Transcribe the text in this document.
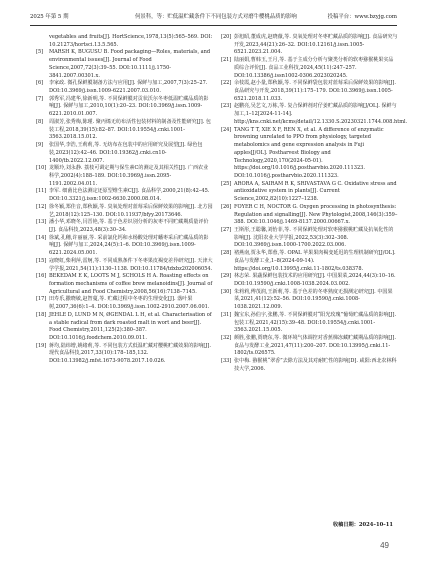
2025 年第 5 期	何景科，等：贮低温贮藏条件下不同包装方式对磨牛樱桃品质的影响	投稿平台：www.bzyjg.com
vegetables and fruits[J]. HortScience,1978,13(5):565–569. DOI: 10.21273/hortsci.13.5.565.
[5] MARSH K, BUGUSU B. Food packaging—Roles, materials, and environmental issues[J]. Journal of Food Science,2007,72(3):39–55. DOI:10.1111/j.1750-3841.2007.00301.x.
[6] 李家政. 微孔保鲜膜制备方法与应用[J]. 保鲜与加工,2007,7(3):25–27. DOI:10.3969/j.issn.1009-6221.2007.03.010.
[7] 郭秀军,冯建华,徐新明,等. 不同保鲜膜对贡状沃尔冬枣低温贮藏品质的影响[J]. 保鲜与加工,2010,10(1):20–23. DOI:10.3969/j.issn.1009-6221.2010.01.007.
[8] 周淑芳,张秀梅,陈瑾. 聚丙烯无纺布活性包装材料的制备及性能研究[J]. 包装工程,2018,39(15):82–87. DOI:10.19554/j.cnki.1001-3563.2018.15.012.
[9] 张国华,李浩,王莉莉,等. 无纺布在包装中的应用研究及展望[J]. 绿色包装,2023(12):42–46. DOI:10.19362/j.cnki.cn10-1400/tb.2022.12.007.
[10] 龙顺玲,刘永静. 荔枝可调定期与保生素C的测定及其相关性[J]. 广西农业科学,2002(4):188–189. DOI:10.3969/j.issn.2095-1191.2002.04.011.
[11] 李军. 细菌比色法测定还原型维生素C[J]. 食品科学,2000,21(8):42–45. DOI:10.3321/j.issn:1002-6630.2000.08.014.
[12] 徐冬颖,郑佳音,郑秋颖,等. 臭氧处理对蓝莓采后保鲜效果的影响[J]. 北方园艺,2018(12):125–130. DOI:10.11937/bfyy.20173646.
[13] 潘小华,邓晓冬,闫晋艳,等. 基于色差识别分析的灰枣不同贮藏期质量评价[J]. 食品科技,2023,48(3):30–34.
[14] 徐斌,孔穗,许丽丽,等. 采前氯化钙和水杨酸处理对蟠枣采后贮藏品质的影响[J]. 保鲜与加工,2024,24(5):1–6. DOI:10.3969/j.issn.1009-6221.2024.05.001.
[15] 寇晓虹,柴利萍,雷舸,等. 不同成熟条件下冬枣果皮褐变差异研究[J]. 天津大学学报,2021,54(11):1130–1138. DOI:10.11784/tdxbz202006054.
[16] BEKEDAM E K, LOOTS M J, SCHOLS H A. Roasting effects on formation mechanisms of coffee brew melanoidins[J]. Journal of Agricultural and Food Chemistry,2008,56(16):7138–7145.
[17] 田寿乐,撒晓敏,赵智蔓,等. 贮藏过程中冬枣的生理变化[J]. 落叶果树,2007,36(6):1–4. DOI:10.3969/j.issn.1002-2910.2007.06.001.
[18] JEHLE D, LUND M N, ØGENDAL L H, et al. Characterisation of a stable radical from dark roasted malt in wort and beer[J]. Food Chemistry,2011,125(2):380–387. DOI:10.1016/j.foodchem.2010.09.011.
[19] 蒋均,陆纬增,姚绪莉,等. 不同包装方式低温贮藏对樱桃贮藏效果的影响[J]. 现代食品科技,2017,33(10):178–185,132. DOI:10.13982/j.mfst.1673-9078.2017.10.026.
[20] 彭旭昭,董成虎,赵晓薇,等. 臭氧处理对冬枣贮藏品质的影响[J]. 食品研究与开发,2023,44(21):26–32. DOI:10.12161/j.issn.1005-6521.2023.21.004.
[21] 陆丽娟,曹韩玉,王月,等. 基于主成分分析与聚类分析的软枣猕猴桃果实品质综合评价[J]. 食品工业科技,2024,45(11):247–257. DOI:10.13386/j.issn1002-0306.2023020245.
[22] 余枝霞,赵小量,郑秋颖,等. 不同保鲜袋包装对蓝莓采后保鲜效果的影响[J]. 食品研究与开发,2018,39(11):175–179. DOI:10.3969/j.issn.1005-6521.2018.11.033.
[23] 赵鹏亮,吴艺文,万栋,等. 复合保鲜剂对仔姜贮藏品质的影响[J/OL]. 保鲜与加工,1–12[2024-11-14]. http://kns.cnki.net/kcms/detail/12.1330.S.20230321.1744.008.html.
[24] TANG T T, XIE X F, REN X, et al. A difference of enzymatic browning unrelated to PPO from physiology, targeted metabolomics and gene expression analysis in Fuji apples[J/OL]. Postharvest Biology and Technology,2020,170(2024-05-01). https://doi.org/10.1016/j.postharvbio.2020.111323. DOI:10.1016/j.postharvbio.2020.111323.
[25] ARORA A, SAIRAM R K, SRIVASTAVA G C. Oxidative stress and antioxidative system in plants[J]. Current Science,2002,82(10):1227–1238.
[26] FOYER C H, NOCTOR G. Oxygen processing in photosynthesis: Regulation and signalling[J]. New Phytologist,2008,146(3):359–388. DOI:10.1046/j.1469-8137.2000.00667.x.
[27] 王斯彤,王聪馨,刘怡菲,等. 不同保鲜处理对软枣猕猴桃贮藏及抗氧化性的影响[J]. 沈阳农业大学学报,2022,53(3):302–308. DOI:10.3969/j.issn.1000-1700.2022.03.006.
[28] 褚燕南,贾永华,郑蓉,等. OPAL 苹果果肉褐变延迟的生理机制研究[J/OL]. 食品与发酵工业,1–8(2024-09-14). https://doi.org/10.13995/j.cnki.11-1802/ts.038378.
[29] 林志荣. 果蔬保鲜包装技术的应用研究[J]. 中国果菜,2024,44(3):10–16. DOI:10.19590/j.cnki.1008-1038.2024.03.002.
[30] 朱莉莉,傅茂润,王新莉,等. 基于色差的冬枣熟度无损测定研究[J]. 中国果菜,2021,41(12):52–56. DOI:10.19590/j.cnki.1008-1038.2021.12.009.
[31] 魏宝东,孙伯宇,张鹏,等. 不同保鲜膜对“阳光玫瑰”葡萄贮藏品质的影响[J]. 包装工程,2021,42(15):39–48. DOI:10.19554/j.cnki.1001-3563.2021.15.005.
[32] 颜胜,张鹏,贾晓东,等. 微环境气体调控对香蕉梯冻藏贮藏期品质的影响[J]. 食品与发酵工业,2021,47(11):200–207. DOI:10.13995/j.cnki.11-1802/ts.026575.
[33] 张中梅. 猕猴桃“翠香”去除方法及其对耐贮性的影响[D]. 咸阳:西北农林科技大学,2006.
收稿日期：2024–10–11
49
